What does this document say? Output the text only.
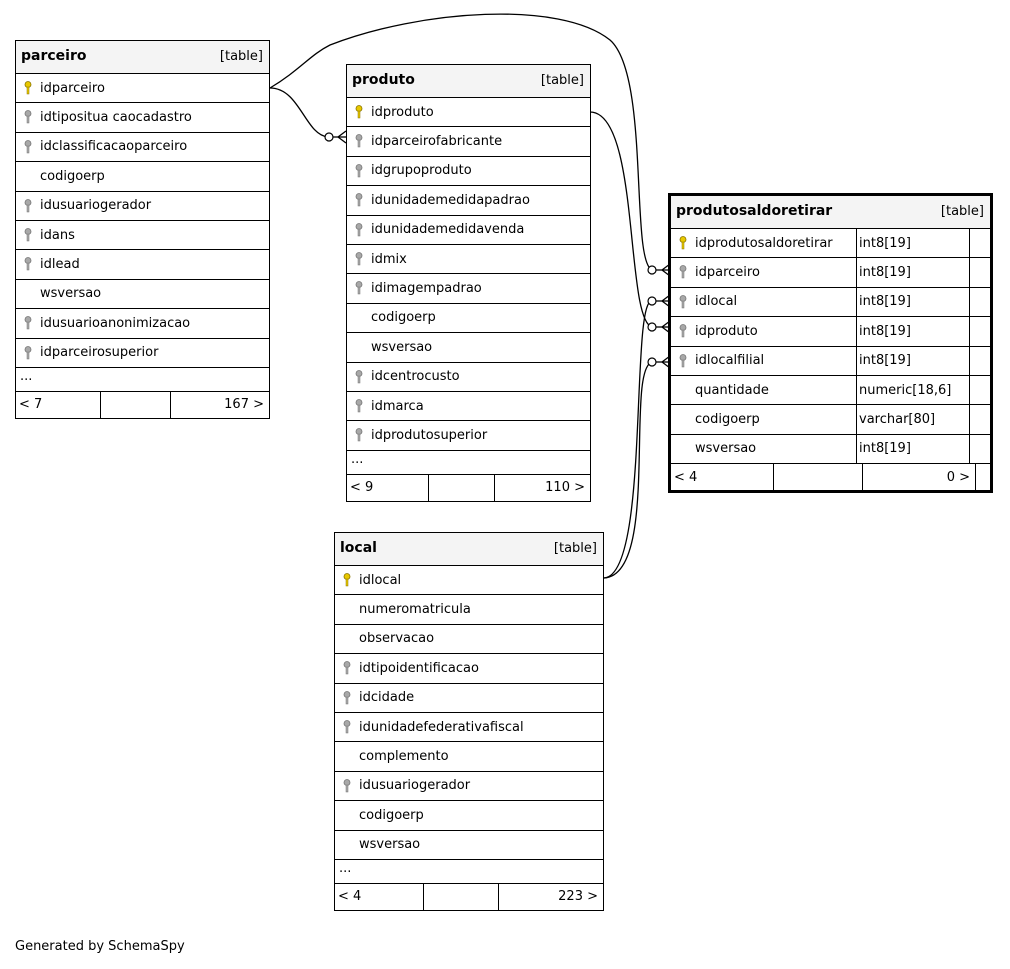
parceiro	[table]
idparceiro
idtipositua caocadastro
idclassificacaoparceiro
codigoerp
idusuariogerador
idans
idlead
wsversao
idusuarioanonimizacao
idparceirosuperior
...
< 7	167 >
produto	[table]
idproduto
idparceirofabricante
idgrupoproduto
idunidademedidapadrao
idunidademedidavenda
idmix
idimagempadrao
codigoerp
wsversao
idcentrocusto
idmarca
idprodutosuperior
...
< 9	110 >
produtosaldoretirar	[table]
idprodutosaldoretirar	int8[19]
idparceiro	int8[19]
idlocal	int8[19]
idproduto	int8[19]
idlocalfilial	int8[19]
quantidade	numeric[18,6]
codigoerp	varchar[80]
wsversao	int8[19]
< 4	0 >
local	[table]
idlocal
numeromatricula
observacao
idtipoidentificacao
idcidade
idunidadefederativafiscal
complemento
idusuariogerador
codigoerp
wsversao
...
< 4	223 >
Generated by SchemaSpy
